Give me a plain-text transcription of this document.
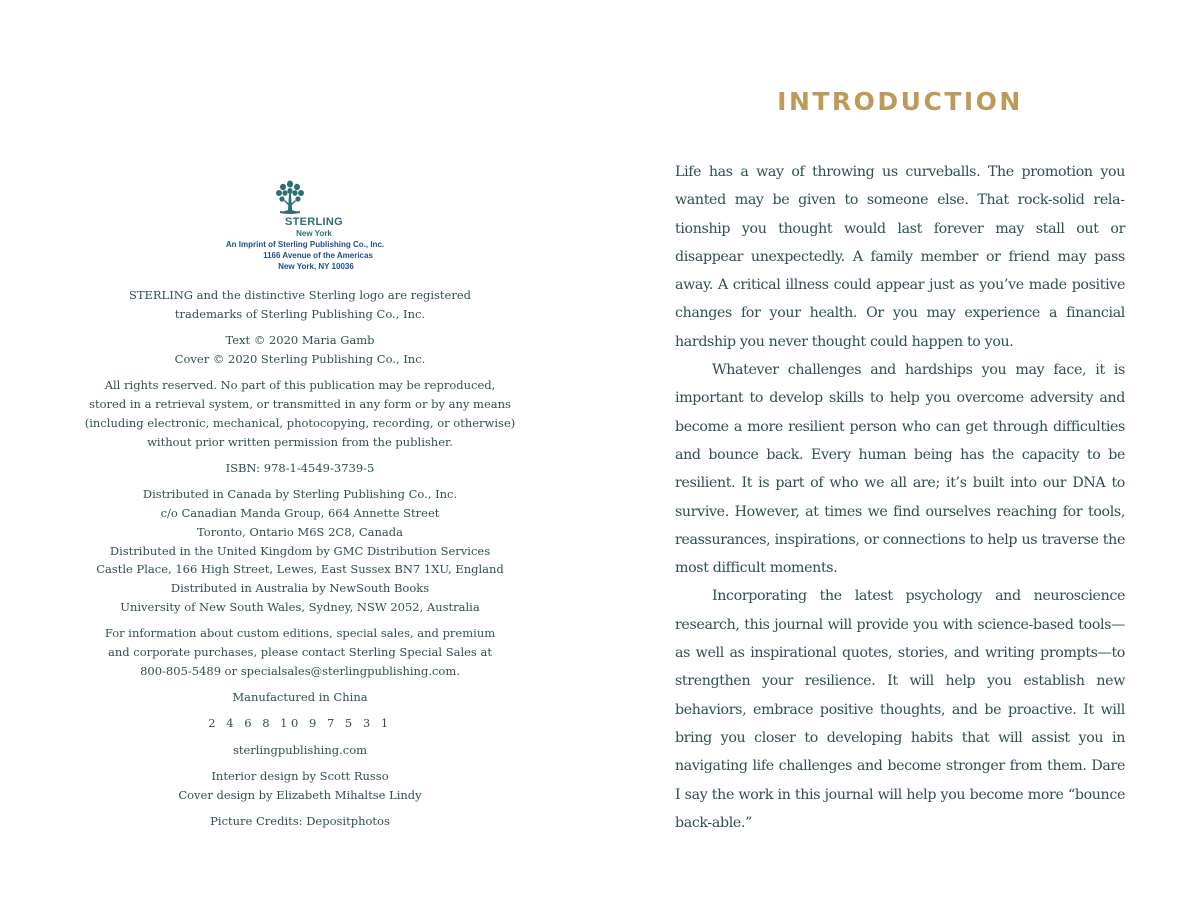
STERLING
New York
An Imprint of Sterling Publishing Co., Inc.
1166 Avenue of the Americas
New York, NY 10036

STERLING and the distinctive Sterling logo are registered
trademarks of Sterling Publishing Co., Inc.

Text © 2020 Maria Gamb
Cover © 2020 Sterling Publishing Co., Inc.

All rights reserved. No part of this publication may be reproduced,
stored in a retrieval system, or transmitted in any form or by any means
(including electronic, mechanical, photocopying, recording, or otherwise)
without prior written permission from the publisher.

ISBN: 978-1-4549-3739-5

Distributed in Canada by Sterling Publishing Co., Inc.
c/o Canadian Manda Group, 664 Annette Street
Toronto, Ontario M6S 2C8, Canada
Distributed in the United Kingdom by GMC Distribution Services
Castle Place, 166 High Street, Lewes, East Sussex BN7 1XU, England
Distributed in Australia by NewSouth Books
University of New South Wales, Sydney, NSW 2052, Australia

For information about custom editions, special sales, and premium
and corporate purchases, please contact Sterling Special Sales at
800-805-5489 or specialsales@sterlingpublishing.com.

Manufactured in China

2 4 6 8 10 9 7 5 3 1

sterlingpublishing.com

Interior design by Scott Russo
Cover design by Elizabeth Mihaltse Lindy

Picture Credits: Depositphotos

INTRODUCTION

Life has a way of throwing us curveballs. The promotion you wanted may be given to someone else. That rock-solid relationship you thought would last forever may stall out or disappear unexpectedly. A family member or friend may pass away. A critical illness could appear just as you’ve made positive changes for your health. Or you may experience a financial hardship you never thought could happen to you.

Whatever challenges and hardships you may face, it is important to develop skills to help you overcome adversity and become a more resilient person who can get through difficulties and bounce back. Every human being has the capacity to be resilient. It is part of who we all are; it’s built into our DNA to survive. However, at times we find ourselves reaching for tools, reassurances, inspirations, or connections to help us traverse the most difficult moments.

Incorporating the latest psychology and neuroscience research, this journal will provide you with science-based tools—as well as inspirational quotes, stories, and writing prompts—to strengthen your resilience. It will help you establish new behaviors, embrace positive thoughts, and be proactive. It will bring you closer to developing habits that will assist you in navigating life challenges and become stronger from them. Dare I say the work in this journal will help you become more “bounce back-able.”
